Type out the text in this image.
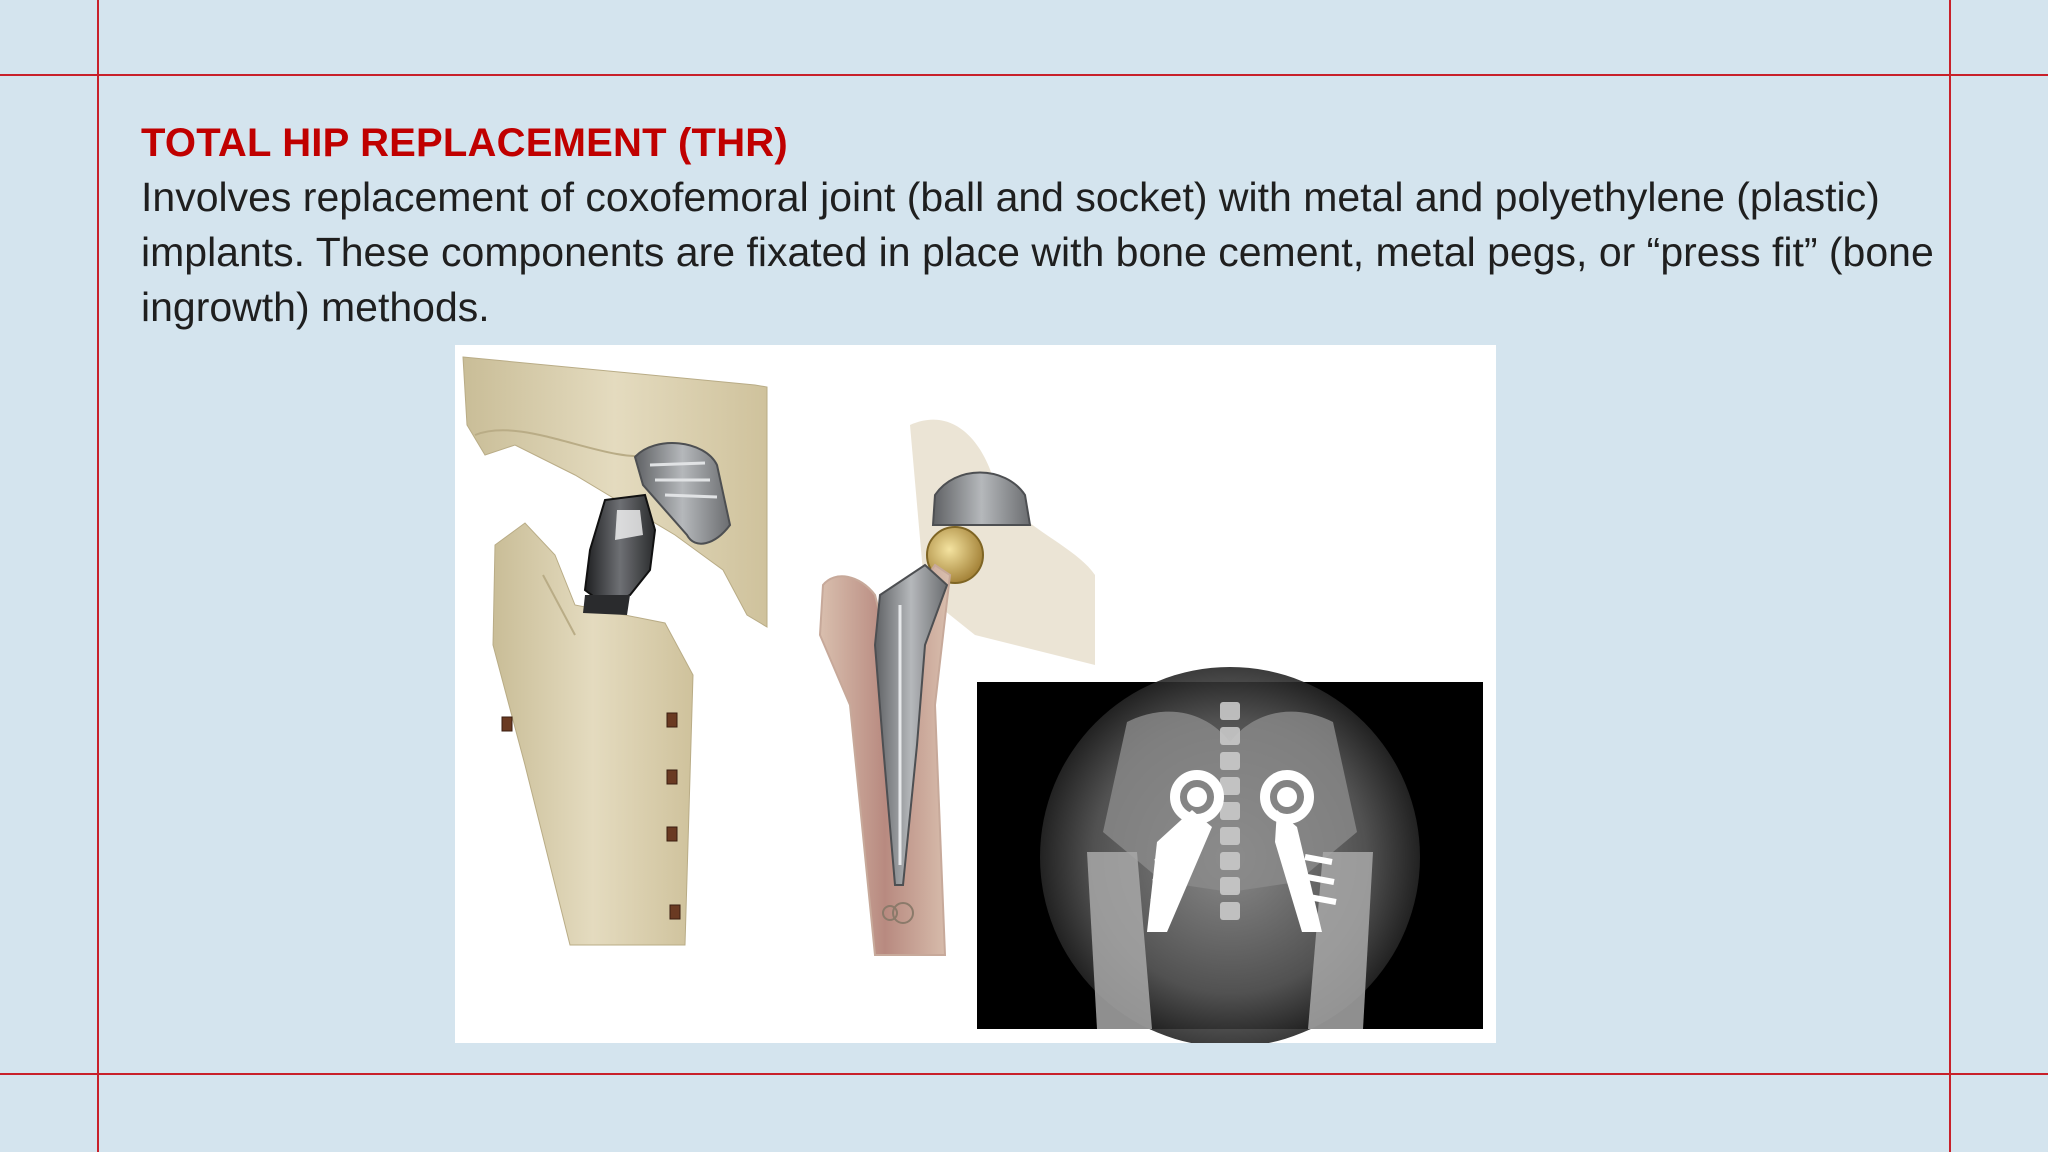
TOTAL HIP REPLACEMENT (THR)

Involves replacement of coxofemoral joint (ball and socket) with metal and polyethylene (plastic) implants. These components are fixated in place with bone cement, metal pegs, or “press fit” (bone ingrowth) methods.
